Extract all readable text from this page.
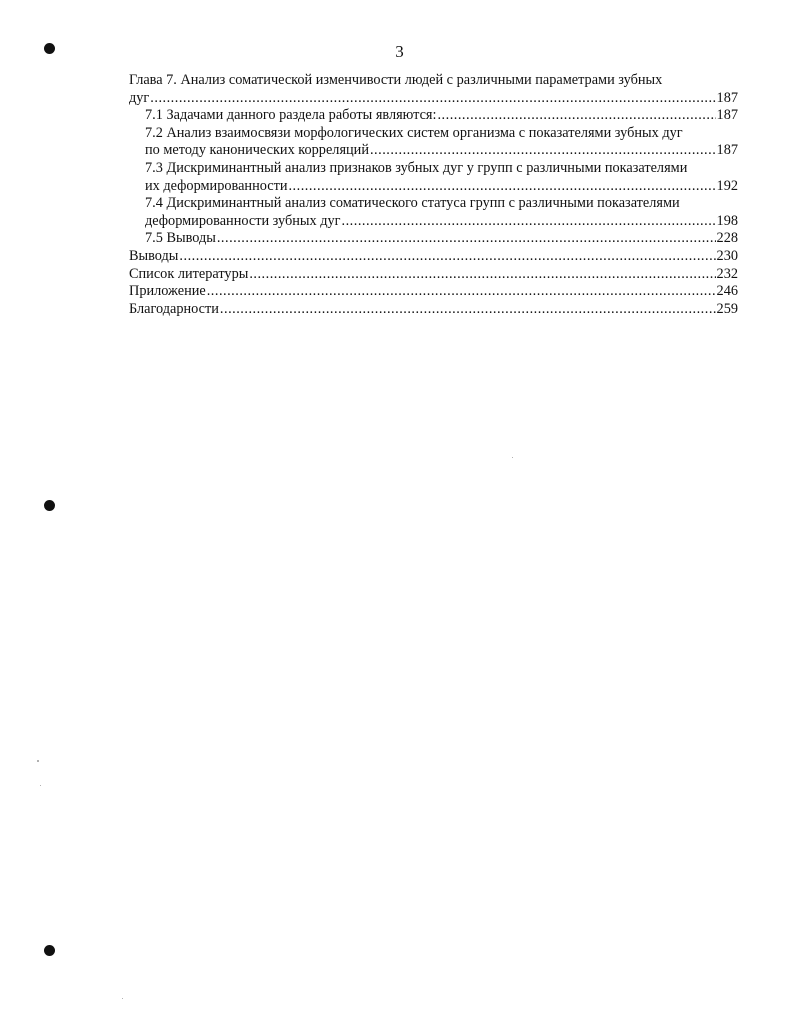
3
Глава 7. Анализ соматической изменчивости людей с различными параметрами зубных
дуг .....	187
7.1 Задачами данного раздела работы являются: .....	187
7.2 Анализ взаимосвязи морфологических систем организма с показателями зубных дуг
по методу канонических корреляций .....	187
7.3 Дискриминантный анализ признаков зубных дуг у групп с различными показателями
их деформированности .....	192
7.4 Дискриминантный анализ соматического статуса групп с различными показателями
деформированности зубных дуг .....	198
7.5 Выводы .....	228
Выводы .....	230
Список литературы .....	232
Приложение .....	246
Благодарности .....	259
